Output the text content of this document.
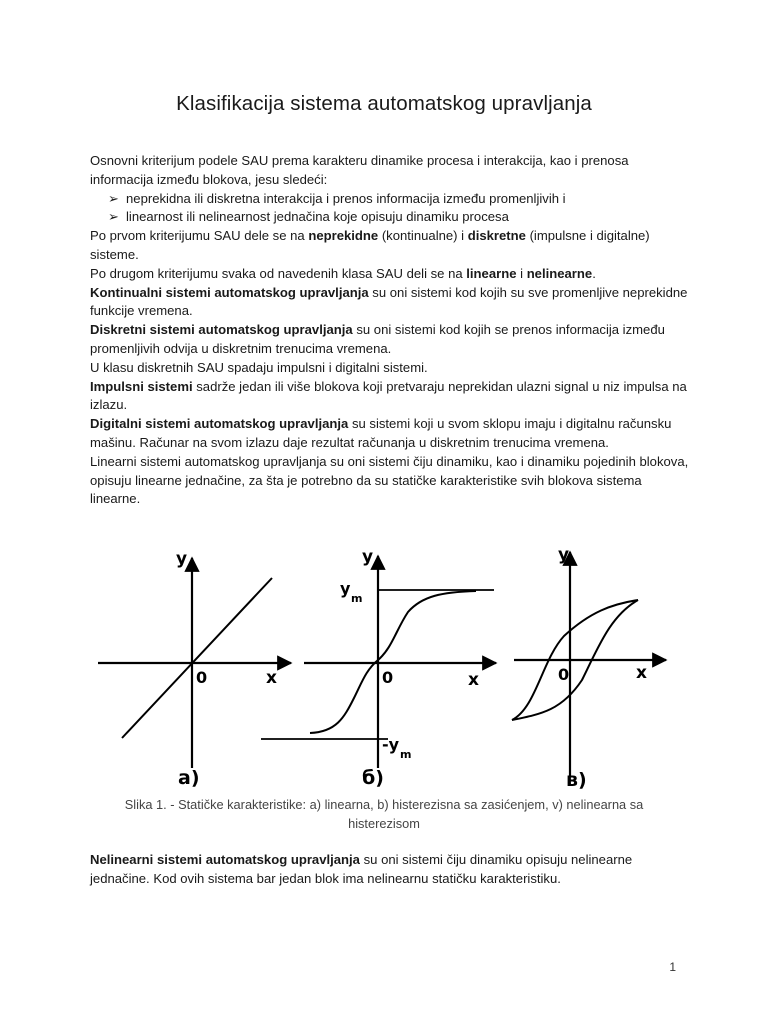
Klasifikacija sistema automatskog upravljanja

Osnovni kriterijum podele SAU prema karakteru dinamike procesa i interakcija, kao i prenosa informacija između blokova, jesu sledeći:

➢ neprekidna ili diskretna interakcija i prenos informacija između promenljivih i
➢ linearnost ili nelinearnost jednačina koje opisuju dinamiku procesa

Po prvom kriterijumu SAU dele se na neprekidne (kontinualne) i diskretne (impulsne i digitalne) sisteme.

Po drugom kriterijumu svaka od navedenih klasa SAU deli se na linearne i nelinearne.

Kontinualni sistemi automatskog upravljanja su oni sistemi kod kojih su sve promenljive neprekidne funkcije vremena.

Diskretni sistemi automatskog upravljanja su oni sistemi kod kojih se prenos informacija između promenljivih odvija u diskretnim trenucima vremena.

U klasu diskretnih SAU spadaju impulsni i digitalni sistemi.

Impulsni sistemi sadrže jedan ili više blokova koji pretvaraju neprekidan ulazni signal u niz impulsa na izlazu.

Digitalni sistemi automatskog upravljanja su sistemi koji u svom sklopu imaju i digitalnu računsku mašinu. Računar na svom izlazu daje rezultat računanja u diskretnim trenucima vremena.

Linearni sistemi automatskog upravljanja su oni sistemi čiju dinamiku, kao i dinamiku pojedinih blokova, opisuju linearne jednačine, za šta je potrebno da su statičke karakteristike svih blokova sistema linearne.

y
x
0
a)
y
x
0
y
m
-y
m
б)
y
x
0
в)
Slika 1. - Statičke karakteristike: a) linearna, b) histerezisna sa zasićenjem, v) nelinearna sa histerezisom

Nelinearni sistemi automatskog upravljanja su oni sistemi čiju dinamiku opisuju nelinearne jednačine. Kod ovih sistema bar jedan blok ima nelinearnu statičku karakteristiku.

1
